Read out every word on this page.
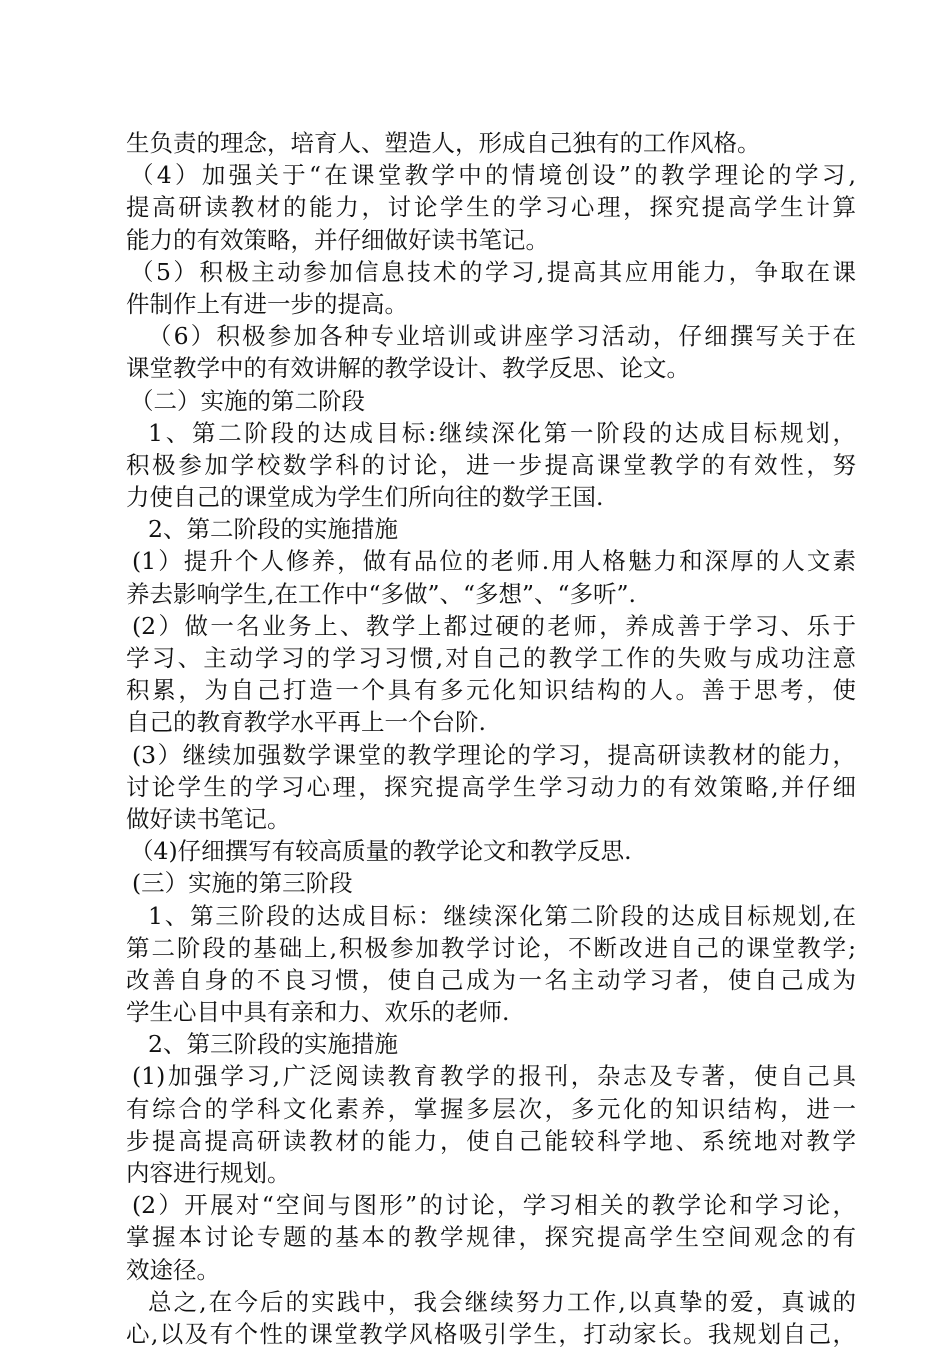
生负责的理念，培育人、塑造人，形成自己独有的工作风格。
（4）加强关于“在课堂教学中的情境创设”的教学理论的学习,
提高研读教材的能力，讨论学生的学习心理，探究提高学生计算
能力的有效策略，并仔细做好读书笔记。
（5）积极主动参加信息技术的学习,提高其应用能力，争取在课
件制作上有进一步的提高。
（6）积极参加各种专业培训或讲座学习活动，仔细撰写关于在
课堂教学中的有效讲解的教学设计、教学反思、论文。
（二）实施的第二阶段
1、第二阶段的达成目标:继续深化第一阶段的达成目标规划，
积极参加学校数学科的讨论，进一步提高课堂教学的有效性，努
力使自己的课堂成为学生们所向往的数学王国.
2、第二阶段的实施措施
(1）提升个人修养，做有品位的老师.用人格魅力和深厚的人文素
养去影响学生,在工作中“多做”、“多想”、“多听”.
(2）做一名业务上、教学上都过硬的老师，养成善于学习、乐于
学习、主动学习的学习习惯,对自己的教学工作的失败与成功注意
积累，为自己打造一个具有多元化知识结构的人。善于思考，使
自己的教育教学水平再上一个台阶.
(3）继续加强数学课堂的教学理论的学习，提高研读教材的能力，
讨论学生的学习心理，探究提高学生学习动力的有效策略,并仔细
做好读书笔记。
（4)仔细撰写有较高质量的教学论文和教学反思.
(三）实施的第三阶段
1、第三阶段的达成目标：继续深化第二阶段的达成目标规划,在
第二阶段的基础上,积极参加教学讨论，不断改进自己的课堂教学;
改善自身的不良习惯，使自己成为一名主动学习者，使自己成为
学生心目中具有亲和力、欢乐的老师.
2、第三阶段的实施措施
(1)加强学习,广泛阅读教育教学的报刊，杂志及专著，使自己具
有综合的学科文化素养，掌握多层次，多元化的知识结构，进一
步提高提高研读教材的能力，使自己能较科学地、系统地对教学
内容进行规划。
(2）开展对“空间与图形”的讨论，学习相关的教学论和学习论，
掌握本讨论专题的基本的教学规律，探究提高学生空间观念的有
效途径。
总之,在今后的实践中，我会继续努力工作,以真挚的爱，真诚的
心,以及有个性的课堂教学风格吸引学生，打动家长。我规划自己，
